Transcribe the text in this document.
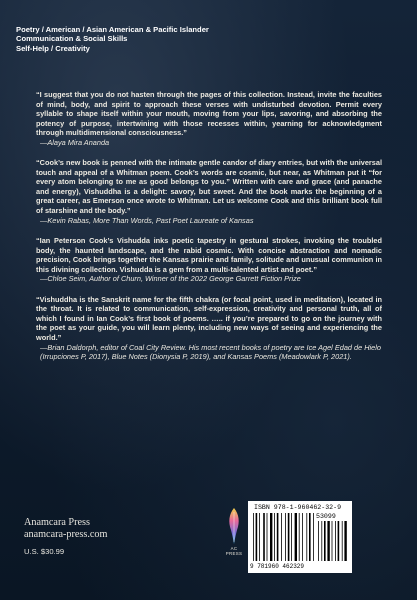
Poetry / American / Asian American & Pacific Islander
Communication & Social Skills
Self-Help / Creativity
“I suggest that you do not hasten through the pages of this collection. Instead, invite the faculties of mind, body, and spirit to approach these verses with undisturbed devotion. Permit every syllable to shape itself within your mouth, moving from your lips, savoring, and absorbing the potency of purpose, intertwining with those recesses within, yearning for acknowledgment through multidimensional consciousness.”
—Alaya Mira Ananda
“Cook’s new book is penned with the intimate gentle candor of diary entries, but with the universal touch and appeal of a Whitman poem. Cook’s words are cosmic, but near, as Whitman put it “for every atom belonging to me as good belongs to you.” Written with care and grace (and panache and energy), Vishuddha is a delight: savory, but sweet. And the book marks the beginning of a great career, as Emerson once wrote to Whitman. Let us welcome Cook and this brilliant book full of starshine and the body.”
—Kevin Rabas, More Than Words, Past Poet Laureate of Kansas
“Ian Peterson Cook’s Vishudda inks poetic tapestry in gestural strokes, invoking the troubled body, the haunted landscape, and the rabid cosmic. With concise abstraction and nomadic precision, Cook brings together the Kansas prairie and family, solitude and unusual communion in this divining collection. Vishudda is a gem from a multi-talented artist and poet.”
—Chloe Seim, Author of Churn, Winner of the 2022 George Garrett Fiction Prize
“Vishuddha is the Sanskrit name for the fifth chakra (or focal point, used in meditation), located in the throat. It is related to communication, self-expression, creativity and personal truth, all of which I found in Ian Cook’s first book of poems. ….. if you’re prepared to go on the journey with the poet as your guide, you will learn plenty, including new ways of seeing and experiencing the world.”
—Brian Daldorph, editor of Coal City Review. His most recent books of poetry are Ice Agel Edad de Hielo (Irrupciones P, 2017), Blue Notes (Dionysia P, 2019), and Kansas Poems (Meadowlark P, 2021).
Anamcara Press
anamcara-press.com
U.S. $30.99	AC
PRESS
ISBN 978-1-960462-32-9
53099
9 781960 462329
